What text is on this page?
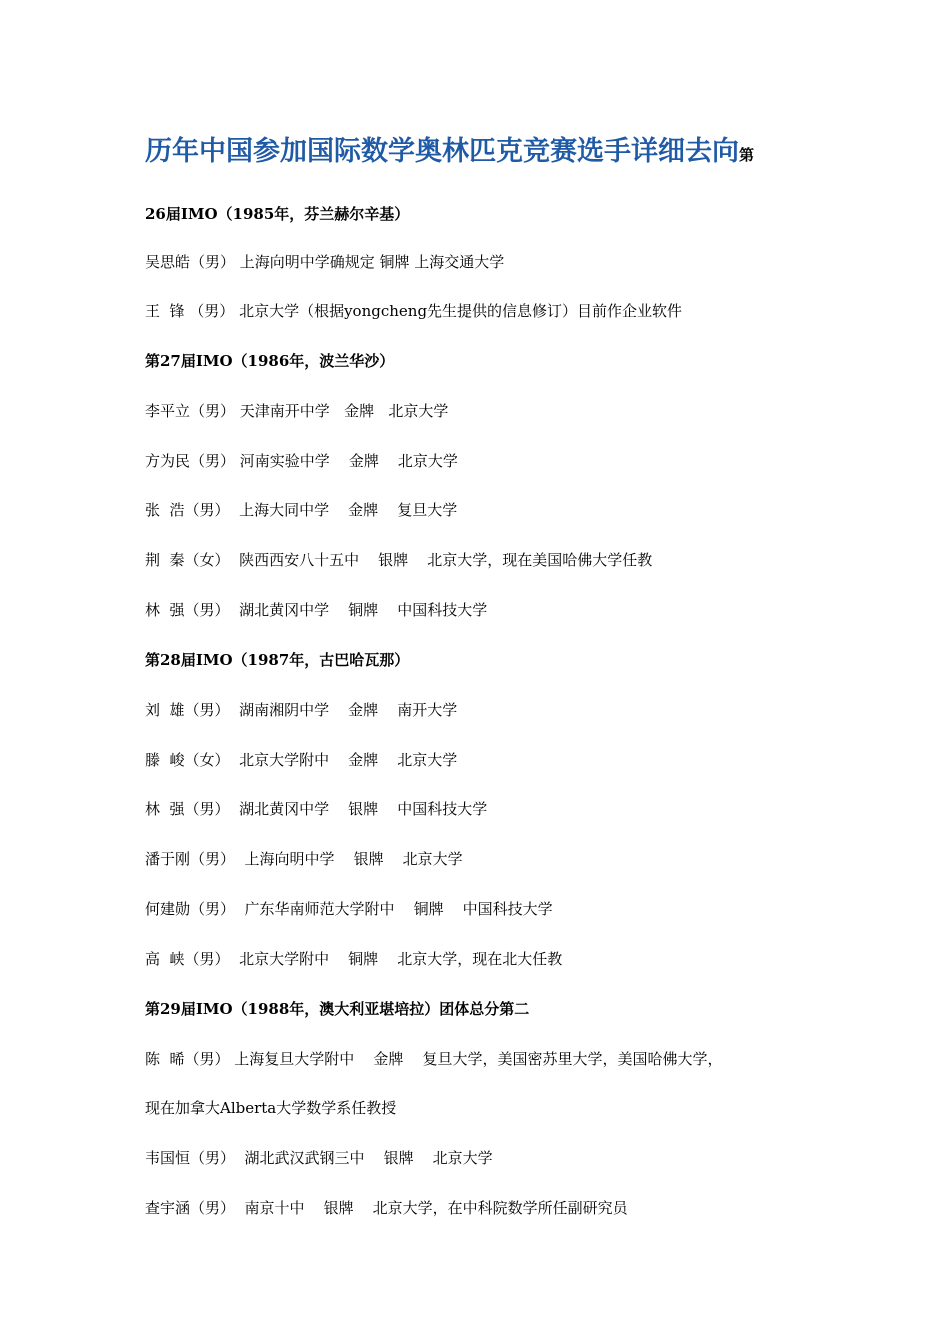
历年中国参加国际数学奥林匹克竞赛选手详细去向第
26届IMO（1985年，芬兰赫尔辛基）
吴思皓（男） 上海向明中学确规定 铜牌 上海交通大学
王  锋 （男） 北京大学（根据yongcheng先生提供的信息修订）目前作企业软件
第27届IMO（1986年，波兰华沙）
李平立（男） 天津南开中学   金牌   北京大学
方为民（男） 河南实验中学    金牌    北京大学
张  浩（男）  上海大同中学    金牌    复旦大学
荆  秦（女）  陕西西安八十五中    银牌    北京大学，现在美国哈佛大学任教
林  强（男）  湖北黄冈中学    铜牌    中国科技大学
第28届IMO（1987年，古巴哈瓦那）
刘  雄（男）  湖南湘阴中学    金牌    南开大学
滕  峻（女）  北京大学附中    金牌    北京大学
林  强（男）  湖北黄冈中学    银牌    中国科技大学
潘于刚（男）  上海向明中学    银牌    北京大学
何建勋（男）  广东华南师范大学附中    铜牌    中国科技大学
高  峡（男）  北京大学附中    铜牌    北京大学，现在北大任教
第29届IMO（1988年，澳大利亚堪培拉）团体总分第二
陈  晞（男） 上海复旦大学附中    金牌    复旦大学，美国密苏里大学，美国哈佛大学，
现在加拿大Alberta大学数学系任教授
韦国恒（男）  湖北武汉武钢三中    银牌    北京大学
查宇涵（男）  南京十中    银牌    北京大学，在中科院数学所任副研究员
